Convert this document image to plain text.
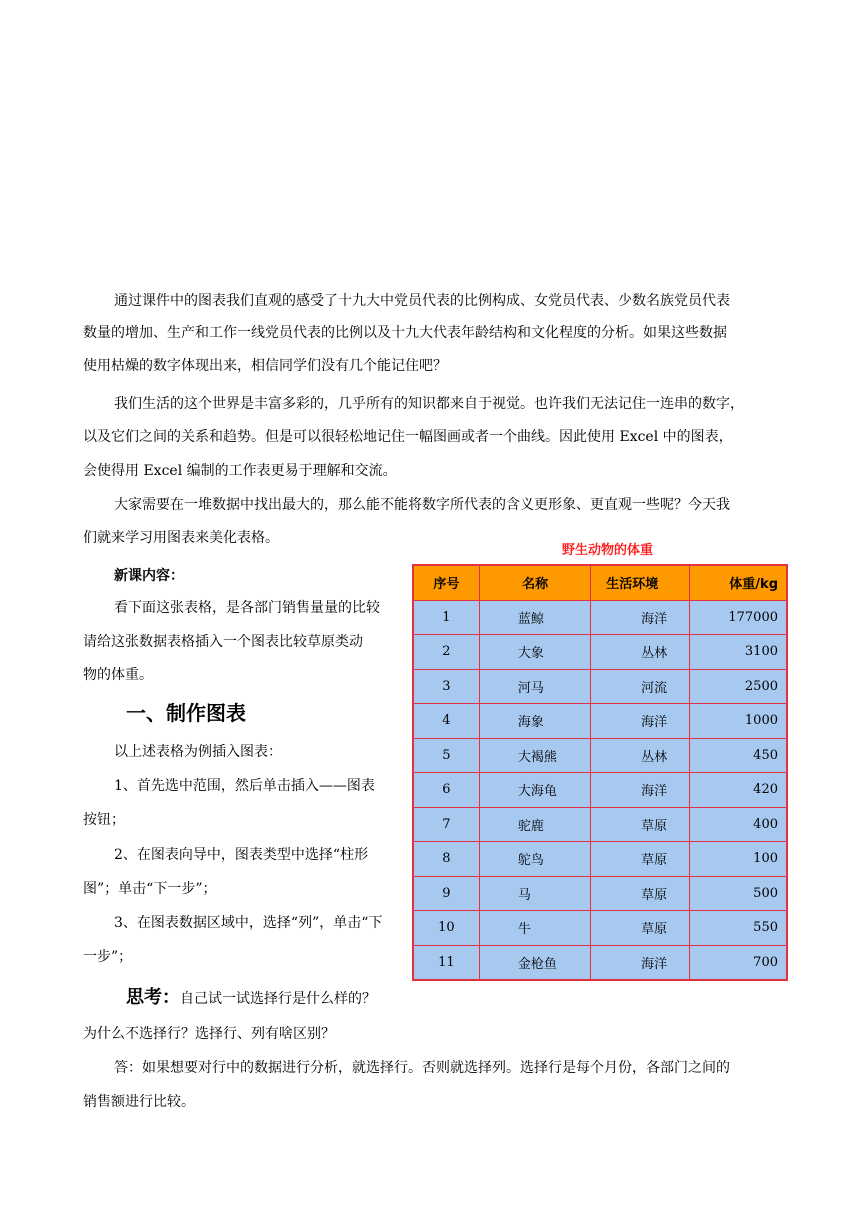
通过课件中的图表我们直观的感受了十九大中党员代表的比例构成、女党员代表、少数名族党员代表
数量的增加、生产和工作一线党员代表的比例以及十九大代表年龄结构和文化程度的分析。如果这些数据
使用枯燥的数字体现出来，相信同学们没有几个能记住吧？
我们生活的这个世界是丰富多彩的，几乎所有的知识都来自于视觉。也许我们无法记住一连串的数字，
以及它们之间的关系和趋势。但是可以很轻松地记住一幅图画或者一个曲线。因此使用 Excel 中的图表，
会使得用 Excel 编制的工作表更易于理解和交流。
大家需要在一堆数据中找出最大的，那么能不能将数字所代表的含义更形象、更直观一些呢？今天我
们就来学习用图表来美化表格。
新课内容：
看下面这张表格，是各部门销售量量的比较
请给这张数据表格插入一个图表比较草原类动
物的体重。
一、制作图表
以上述表格为例插入图表：
1、首先选中范围，然后单击插入——图表
按钮；
2、在图表向导中，图表类型中选择“柱形
图”；单击“下一步”；
3、在图表数据区域中，选择“列”，单击“下
一步”；
思考：自己试一试选择行是什么样的？
为什么不选择行？选择行、列有啥区别？
答：如果想要对行中的数据进行分析，就选择行。否则就选择列。选择行是每个月份，各部门之间的
销售额进行比较。
野生动物的体重
序号	名称	生活环境	体重/kg
1	蓝鲸	海洋	177000
2	大象	丛林	3100
3	河马	河流	2500
4	海象	海洋	1000
5	大褐熊	丛林	450
6	大海龟	海洋	420
7	驼鹿	草原	400
8	鸵鸟	草原	100
9	马	草原	500
10	牛	草原	550
11	金枪鱼	海洋	700
